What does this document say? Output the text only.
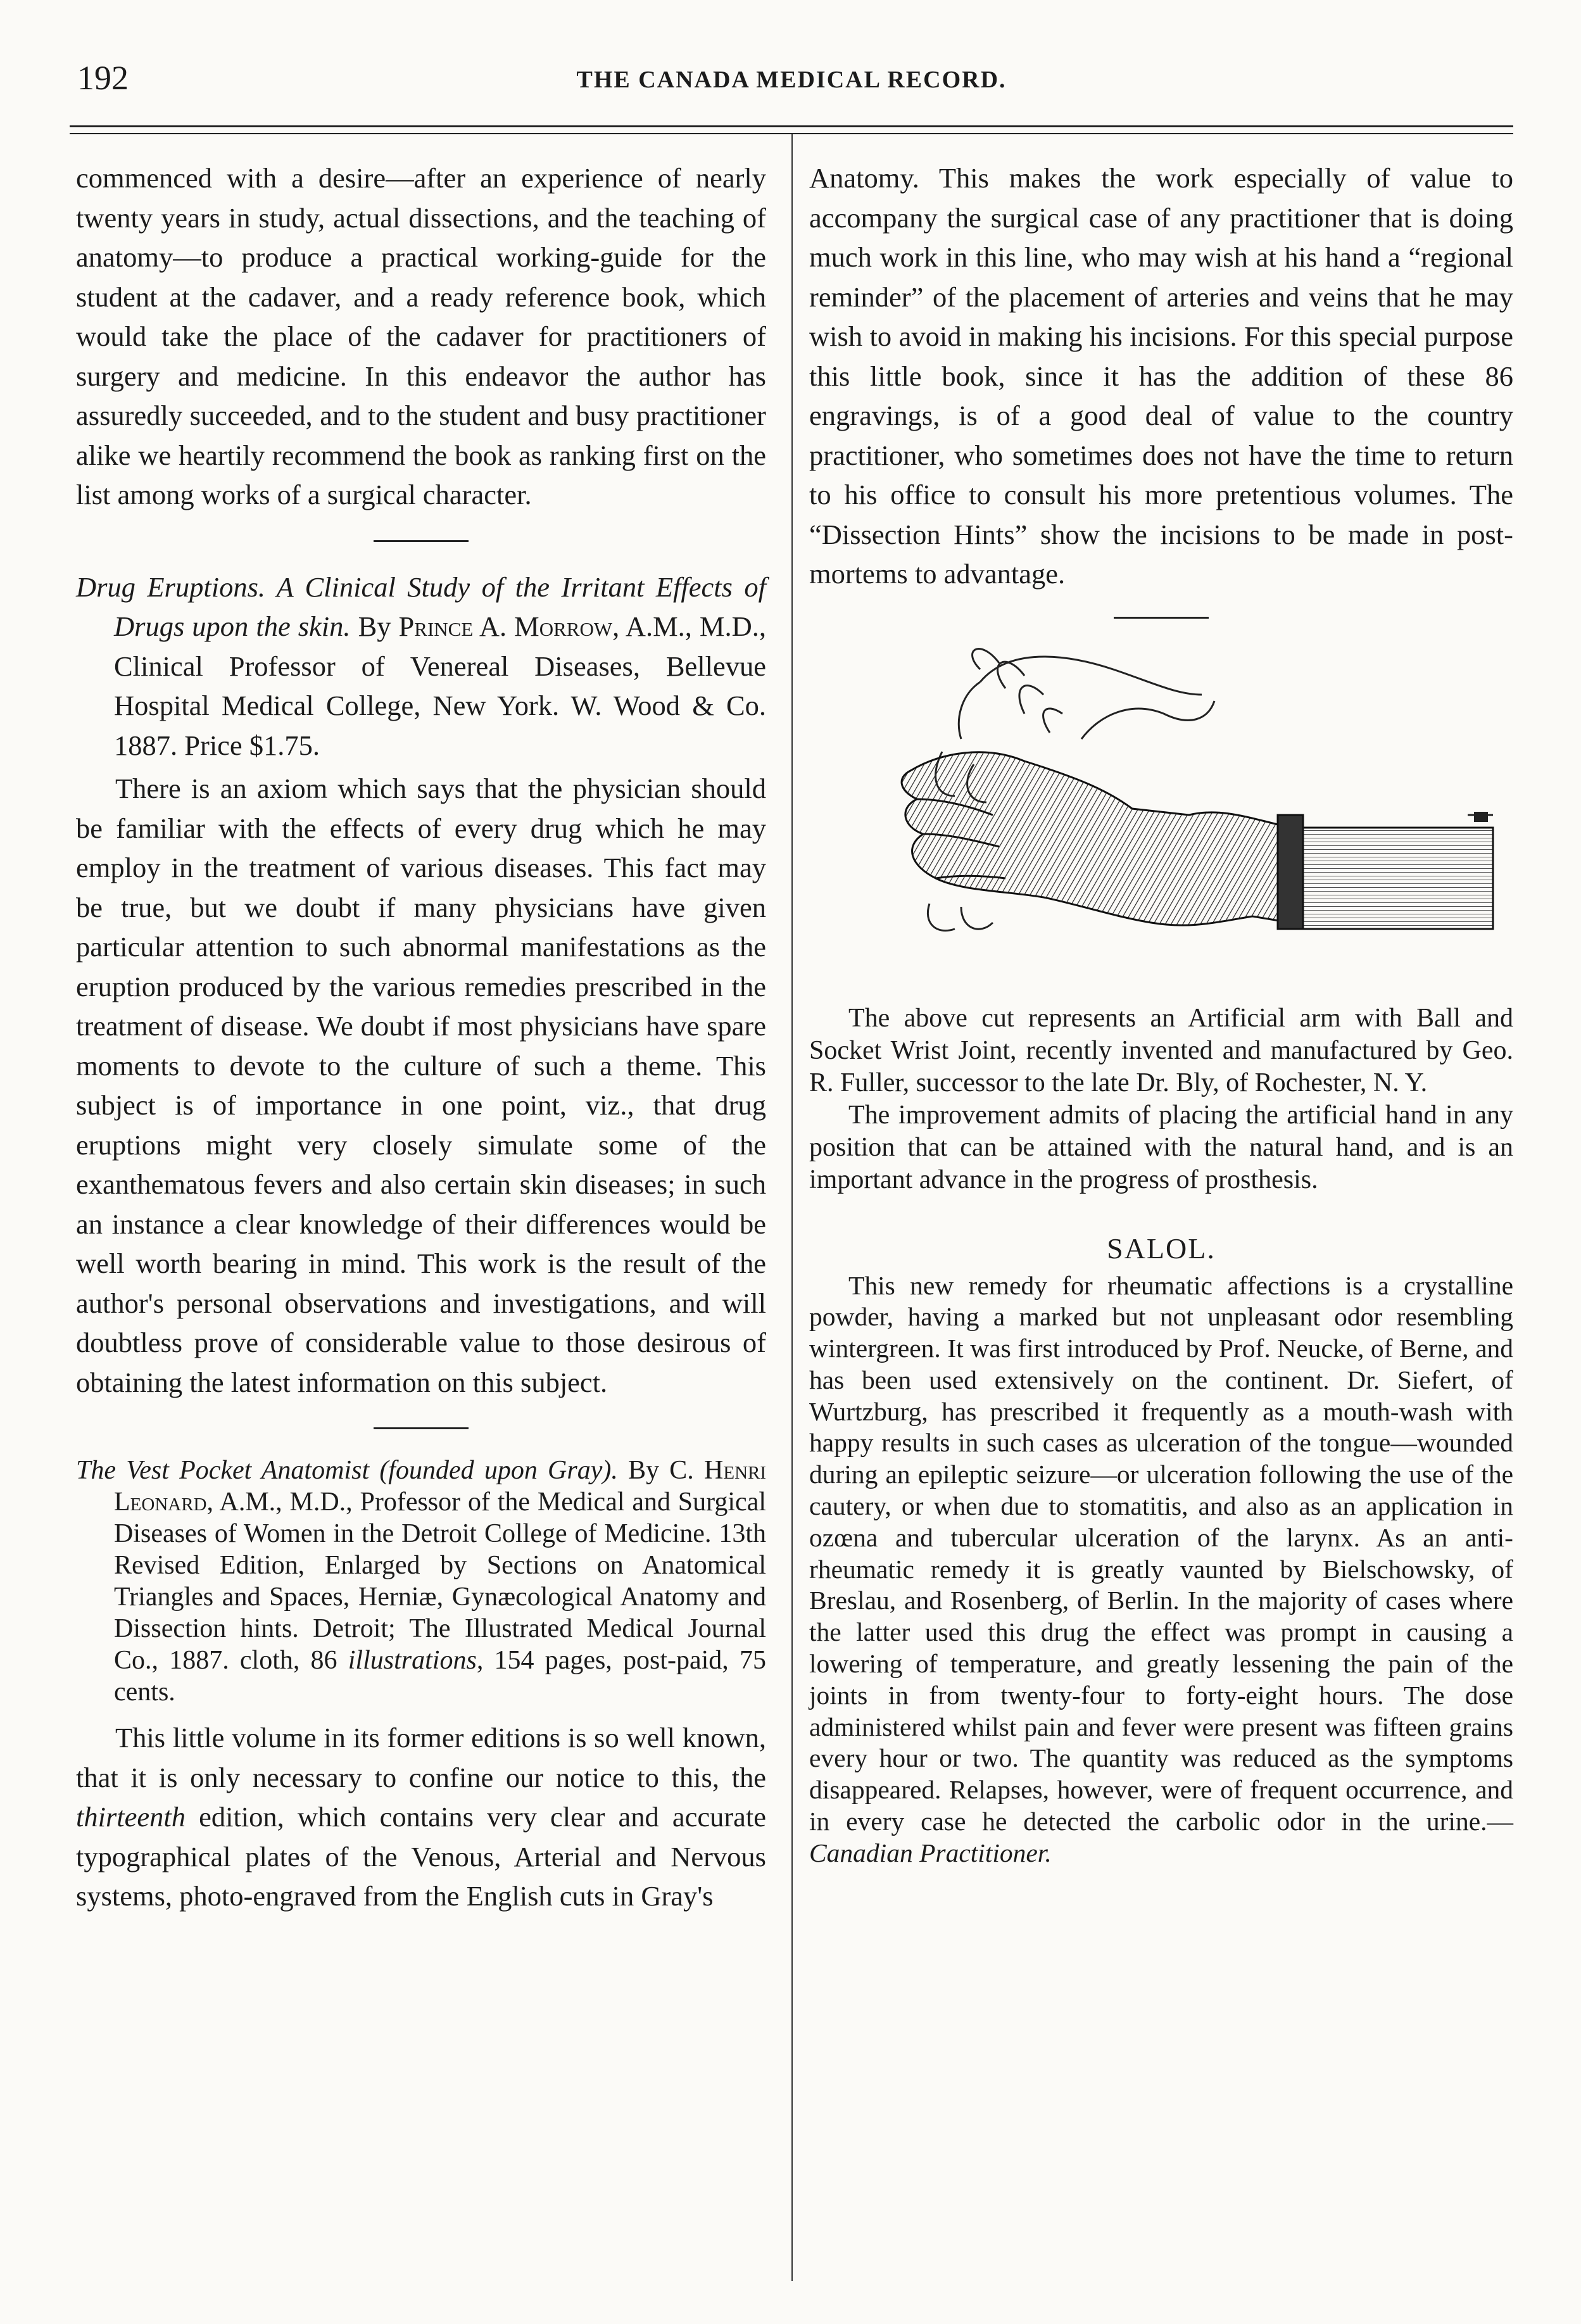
192	THE CANADA MEDICAL RECORD.

commenced with a desire—after an experience of nearly twenty years in study, actual dissections, and the teaching of anatomy—to produce a practical working-guide for the student at the cadaver, and a ready reference book, which would take the place of the cadaver for practitioners of surgery and medicine. In this endeavor the author has assuredly succeeded, and to the student and busy practitioner alike we heartily recommend the book as ranking first on the list among works of a surgical character.

Drug Eruptions. A Clinical Study of the Irritant Effects of Drugs upon the skin. By Prince A. Morrow, A.M., M.D., Clinical Professor of Venereal Diseases, Bellevue Hospital Medical College, New York. W. Wood & Co. 1887. Price $1.75.

There is an axiom which says that the physician should be familiar with the effects of every drug which he may employ in the treatment of various diseases. This fact may be true, but we doubt if many physicians have given particular attention to such abnormal manifestations as the eruption produced by the various remedies prescribed in the treatment of disease. We doubt if most physicians have spare moments to devote to the culture of such a theme. This subject is of importance in one point, viz., that drug eruptions might very closely simulate some of the exanthematous fevers and also certain skin diseases; in such an instance a clear knowledge of their differences would be well worth bearing in mind. This work is the result of the author's personal observations and investigations, and will doubtless prove of considerable value to those desirous of obtaining the latest information on this subject.

The Vest Pocket Anatomist (founded upon Gray). By C. Henri Leonard, A.M., M.D., Professor of the Medical and Surgical Diseases of Women in the Detroit College of Medicine. 13th Revised Edition, Enlarged by Sections on Anatomical Triangles and Spaces, Herniæ, Gynæcological Anatomy and Dissection hints. Detroit; The Illustrated Medical Journal Co., 1887. cloth, 86 illustrations, 154 pages, post-paid, 75 cents.

This little volume in its former editions is so well known, that it is only necessary to confine our notice to this, the thirteenth edition, which contains very clear and accurate typographical plates of the Venous, Arterial and Nervous systems, photo-engraved from the English cuts in Gray's

Anatomy. This makes the work especially of value to accompany the surgical case of any practitioner that is doing much work in this line, who may wish at his hand a “regional reminder” of the placement of arteries and veins that he may wish to avoid in making his incisions. For this special purpose this little book, since it has the addition of these 86 engravings, is of a good deal of value to the country practitioner, who sometimes does not have the time to return to his office to consult his more pretentious volumes. The “Dissection Hints” show the incisions to be made in post-mortems to advantage.

The above cut represents an Artificial arm with Ball and Socket Wrist Joint, recently invented and manufactured by Geo. R. Fuller, successor to the late Dr. Bly, of Rochester, N. Y.

The improvement admits of placing the artificial hand in any position that can be attained with the natural hand, and is an important advance in the progress of prosthesis.

SALOL.

This new remedy for rheumatic affections is a crystalline powder, having a marked but not unpleasant odor resembling wintergreen. It was first introduced by Prof. Neucke, of Berne, and has been used extensively on the continent. Dr. Siefert, of Wurtzburg, has prescribed it frequently as a mouth-wash with happy results in such cases as ulceration of the tongue—wounded during an epileptic seizure—or ulceration following the use of the cautery, or when due to stomatitis, and also as an application in ozœna and tubercular ulceration of the larynx. As an anti-rheumatic remedy it is greatly vaunted by Bielschowsky, of Breslau, and Rosenberg, of Berlin. In the majority of cases where the latter used this drug the effect was prompt in causing a lowering of temperature, and greatly lessening the pain of the joints in from twenty-four to forty-eight hours. The dose administered whilst pain and fever were present was fifteen grains every hour or two. The quantity was reduced as the symptoms disappeared. Relapses, however, were of frequent occurrence, and in every case he detected the carbolic odor in the urine.—Canadian Practitioner.
